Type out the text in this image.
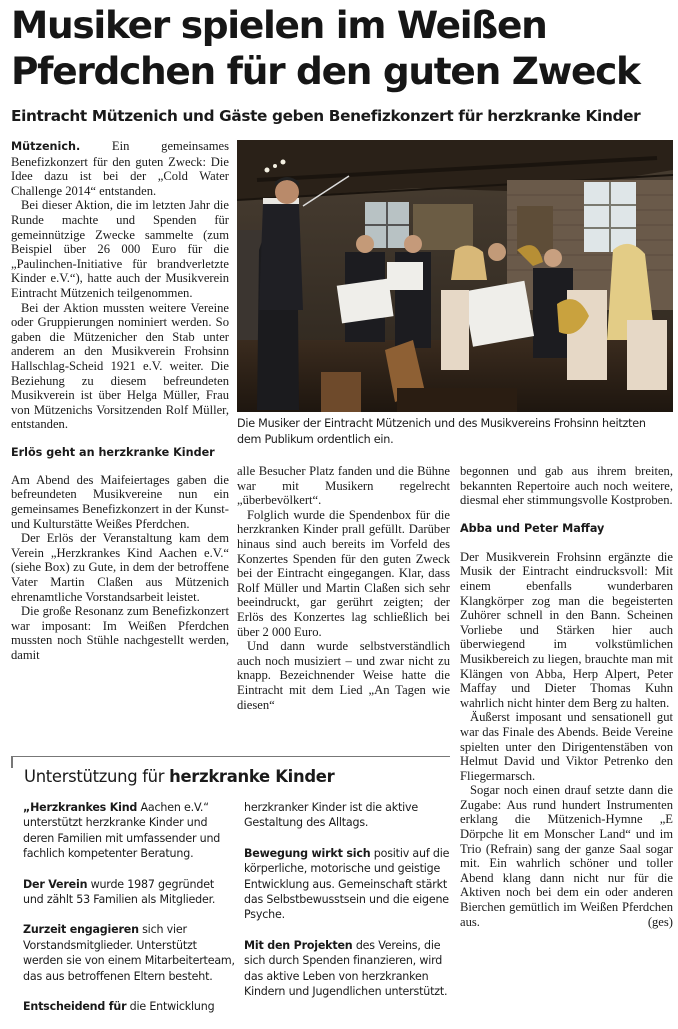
Musiker spielen im Weißen
Pferdchen für den guten Zweck
Eintracht Mützenich und Gäste geben Benefizkonzert für herzkranke Kinder

Mützenich. Ein gemeinsames Benefizkonzert für den guten Zweck: Die Idee dazu ist bei der „Cold Water Challenge 2014“ entstanden.

Bei dieser Aktion, die im letzten Jahr die Runde machte und Spenden für gemeinnützige Zwecke sammelte (zum Beispiel über 26 000 Euro für die „Paulinchen-Initiative für brandverletzte Kinder e.V.“), hatte auch der Musikverein Eintracht Mützenich teilgenommen.

Bei der Aktion mussten weitere Vereine oder Gruppierungen nominiert werden. So gaben die Mützenicher den Stab unter anderem an den Musikverein Frohsinn Hallschlag-Scheid 1921 e.V. weiter. Die Beziehung zu diesem befreundeten Musikverein ist über Helga Müller, Frau von Mützenichs Vorsitzenden Rolf Müller, entstanden.

Erlös geht an herzkranke Kinder

Am Abend des Maifeiertages gaben die befreundeten Musikvereine nun ein gemeinsames Benefizkonzert in der Kunst- und Kulturstätte Weißes Pferdchen.

Der Erlös der Veranstaltung kam dem Verein „Herzkrankes Kind Aachen e.V.“ (siehe Box) zu Gute, in dem der betroffene Vater Martin Claßen aus Mützenich ehrenamtliche Vorstandsarbeit leistet.

Die große Resonanz zum Benefizkonzert war imposant: Im Weißen Pferdchen mussten noch Stühle nachgestellt werden, damit

Die Musiker der Eintracht Mützenich und des Musikvereins Frohsinn heitzten dem Publikum ordentlich ein.

alle Besucher Platz fanden und die Bühne war mit Musikern regelrecht „überbevölkert“.

Folglich wurde die Spendenbox für die herzkranken Kinder prall gefüllt. Darüber hinaus sind auch bereits im Vorfeld des Konzertes Spenden für den guten Zweck bei der Eintracht eingegangen. Klar, dass Rolf Müller und Martin Claßen sich sehr beeindruckt, gar gerührt zeigten; der Erlös des Konzertes lag schließlich bei über 2 000 Euro.

Und dann wurde selbstverständlich auch noch musiziert – und zwar nicht zu knapp. Bezeichnender Weise hatte die Eintracht mit dem Lied „An Tagen wie diesen“

begonnen und gab aus ihrem breiten, bekannten Repertoire auch noch weitere, diesmal eher stimmungsvolle Kostproben.

Abba und Peter Maffay

Der Musikverein Frohsinn ergänzte die Musik der Eintracht eindrucksvoll: Mit einem ebenfalls wunderbaren Klangkörper zog man die begeisterten Zuhörer schnell in den Bann. Scheinen Vorliebe und Stärken hier auch überwiegend im volkstümlichen Musikbereich zu liegen, brauchte man mit Klängen von Abba, Herp Alpert, Peter Maffay und Dieter Thomas Kuhn wahrlich nicht hinter dem Berg zu halten.

Äußerst imposant und sensationell gut war das Finale des Abends. Beide Vereine spielten unter den Dirigentenstäben von Helmut David und Viktor Petrenko den Fliegermarsch.

Sogar noch einen drauf setzte dann die Zugabe: Aus rund hundert Instrumenten erklang die Mützenich-Hymne „E Dörpche lit em Monscher Land“ und im Trio (Refrain) sang der ganze Saal sogar mit. Ein wahrlich schöner und toller Abend klang dann nicht nur für die Aktiven noch bei dem ein oder anderen Bierchen gemütlich im Weißen Pferdchen aus.	(ges)

Unterstützung für herzkranke Kinder

„Herzkrankes Kind Aachen e.V.“ unterstützt herzkranke Kinder und deren Familien mit umfassender und fachlich kompetenter Beratung.

Der Verein wurde 1987 gegründet und zählt 53 Familien als Mitglieder.

Zurzeit engagieren sich vier Vorstandsmitglieder. Unterstützt werden sie von einem Mitarbeiterteam, das aus betroffenen Eltern besteht.

Entscheidend für die Entwicklung

herzkranker Kinder ist die aktive Gestaltung des Alltags.

Bewegung wirkt sich positiv auf die körperliche, motorische und geistige Entwicklung aus. Gemeinschaft stärkt das Selbstbewusstsein und die eigene Psyche.

Mit den Projekten des Vereins, die sich durch Spenden finanzieren, wird das aktive Leben von herzkranken Kindern und Jugendlichen unterstützt.
